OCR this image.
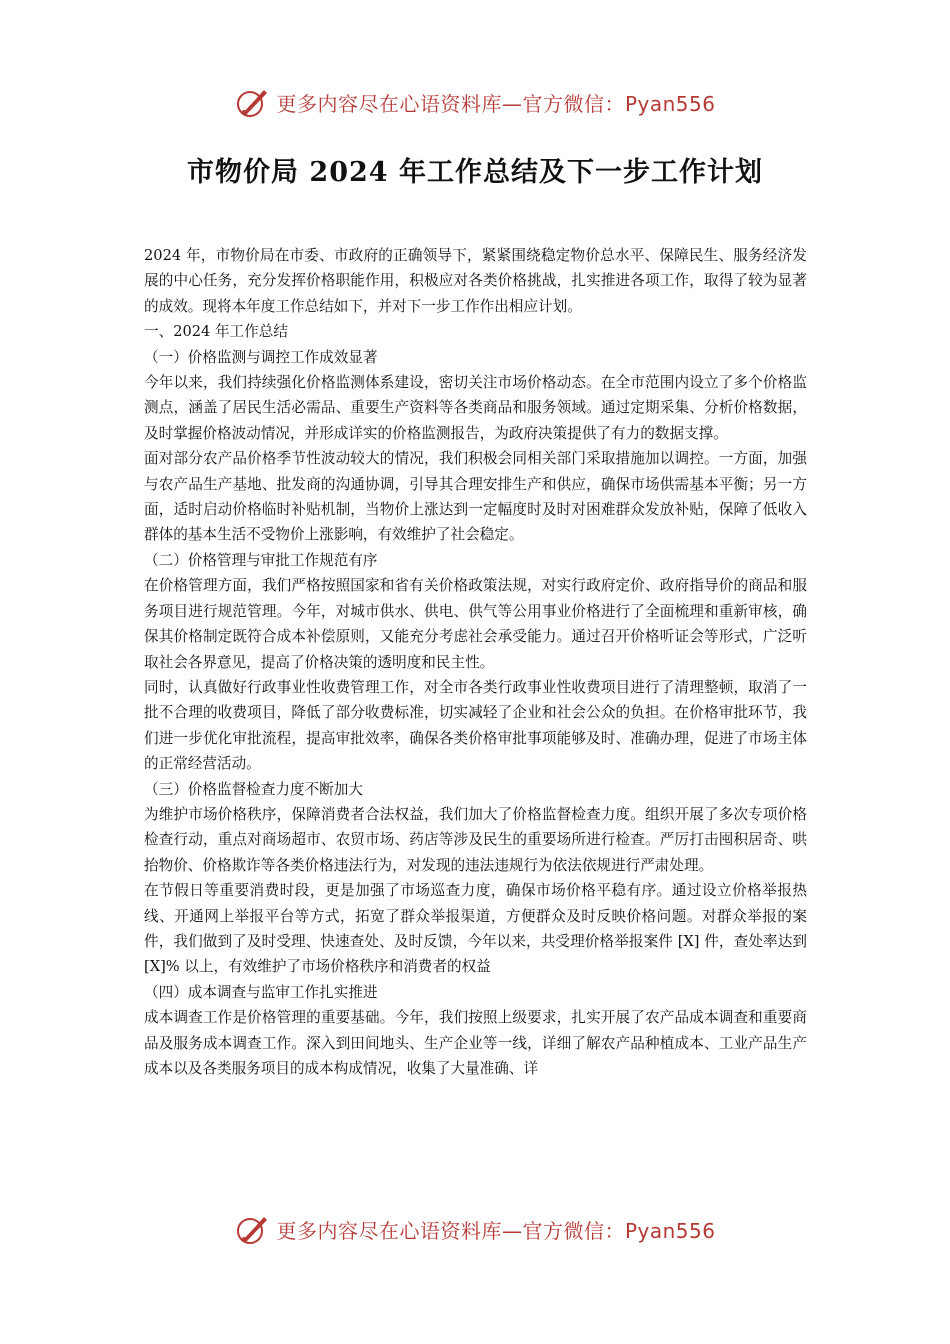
更多内容尽在心语资料库—官方微信：Pyan556
市物价局 2024 年工作总结及下一步工作计划

2024 年，市物价局在市委、市政府的正确领导下，紧紧围绕稳定物价总水平、保障民生、服务经济发展的中心任务，充分发挥价格职能作用，积极应对各类价格挑战，扎实推进各项工作，取得了较为显著的成效。现将本年度工作总结如下，并对下一步工作作出相应计划。

一、2024 年工作总结

（一）价格监测与调控工作成效显著

今年以来，我们持续强化价格监测体系建设，密切关注市场价格动态。在全市范围内设立了多个价格监测点，涵盖了居民生活必需品、重要生产资料等各类商品和服务领域。通过定期采集、分析价格数据，及时掌握价格波动情况，并形成详实的价格监测报告，为政府决策提供了有力的数据支撑。

面对部分农产品价格季节性波动较大的情况，我们积极会同相关部门采取措施加以调控。一方面，加强与农产品生产基地、批发商的沟通协调，引导其合理安排生产和供应，确保市场供需基本平衡；另一方面，适时启动价格临时补贴机制，当物价上涨达到一定幅度时及时对困难群众发放补贴，保障了低收入群体的基本生活不受物价上涨影响，有效维护了社会稳定。

（二）价格管理与审批工作规范有序

在价格管理方面，我们严格按照国家和省有关价格政策法规，对实行政府定价、政府指导价的商品和服务项目进行规范管理。今年，对城市供水、供电、供气等公用事业价格进行了全面梳理和重新审核，确保其价格制定既符合成本补偿原则，又能充分考虑社会承受能力。通过召开价格听证会等形式，广泛听取社会各界意见，提高了价格决策的透明度和民主性。

同时，认真做好行政事业性收费管理工作，对全市各类行政事业性收费项目进行了清理整顿，取消了一批不合理的收费项目，降低了部分收费标准，切实减轻了企业和社会公众的负担。在价格审批环节，我们进一步优化审批流程，提高审批效率，确保各类价格审批事项能够及时、准确办理，促进了市场主体的正常经营活动。

（三）价格监督检查力度不断加大

为维护市场价格秩序，保障消费者合法权益，我们加大了价格监督检查力度。组织开展了多次专项价格检查行动，重点对商场超市、农贸市场、药店等涉及民生的重要场所进行检查。严厉打击囤积居奇、哄抬物价、价格欺诈等各类价格违法行为，对发现的违法违规行为依法依规进行严肃处理。

在节假日等重要消费时段，更是加强了市场巡查力度，确保市场价格平稳有序。通过设立价格举报热线、开通网上举报平台等方式，拓宽了群众举报渠道，方便群众及时反映价格问题。对群众举报的案件，我们做到了及时受理、快速查处、及时反馈，今年以来，共受理价格举报案件 [X] 件，查处率达到 [X]% 以上，有效维护了市场价格秩序和消费者的权益

（四）成本调查与监审工作扎实推进

成本调查工作是价格管理的重要基础。今年，我们按照上级要求，扎实开展了农产品成本调查和重要商品及服务成本调查工作。深入到田间地头、生产企业等一线，详细了解农产品种植成本、工业产品生产成本以及各类服务项目的成本构成情况，收集了大量准确、详

更多内容尽在心语资料库—官方微信：Pyan556
